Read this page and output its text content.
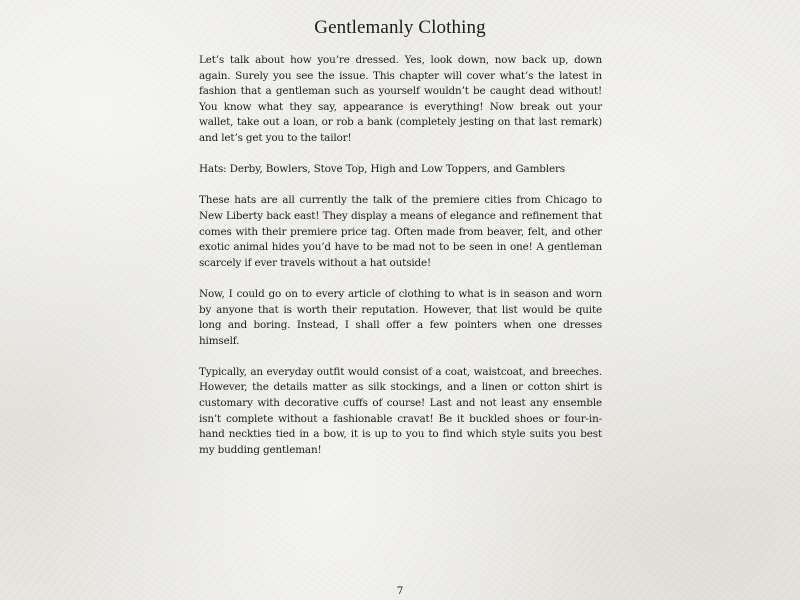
Gentlemanly Clothing

Let’s talk about how you’re dressed. Yes, look down, now back up, down again. Surely you see the issue. This chapter will cover what’s the latest in fashion that a gentleman such as yourself wouldn’t be caught dead without! You know what they say, appearance is everything! Now break out your wallet, take out a loan, or rob a bank (completely jesting on that last remark) and let’s get you to the tailor!

Hats: Derby, Bowlers, Stove Top, High and Low Toppers, and Gamblers

These hats are all currently the talk of the premiere cities from Chicago to New Liberty back east! They display a means of elegance and refinement that comes with their premiere price tag. Often made from beaver, felt, and other exotic animal hides you’d have to be mad not to be seen in one! A gentleman scarcely if ever travels without a hat outside!

Now, I could go on to every article of clothing to what is in season and worn by anyone that is worth their reputation. However, that list would be quite long and boring. Instead, I shall offer a few pointers when one dresses himself.

Typically, an everyday outfit would consist of a coat, waistcoat, and breeches. However, the details matter as silk stockings, and a linen or cotton shirt is customary with decorative cuffs of course! Last and not least any ensemble isn’t complete without a fashionable cravat! Be it buckled shoes or four-in-hand neckties tied in a bow, it is up to you to find which style suits you best my budding gentleman!

7
